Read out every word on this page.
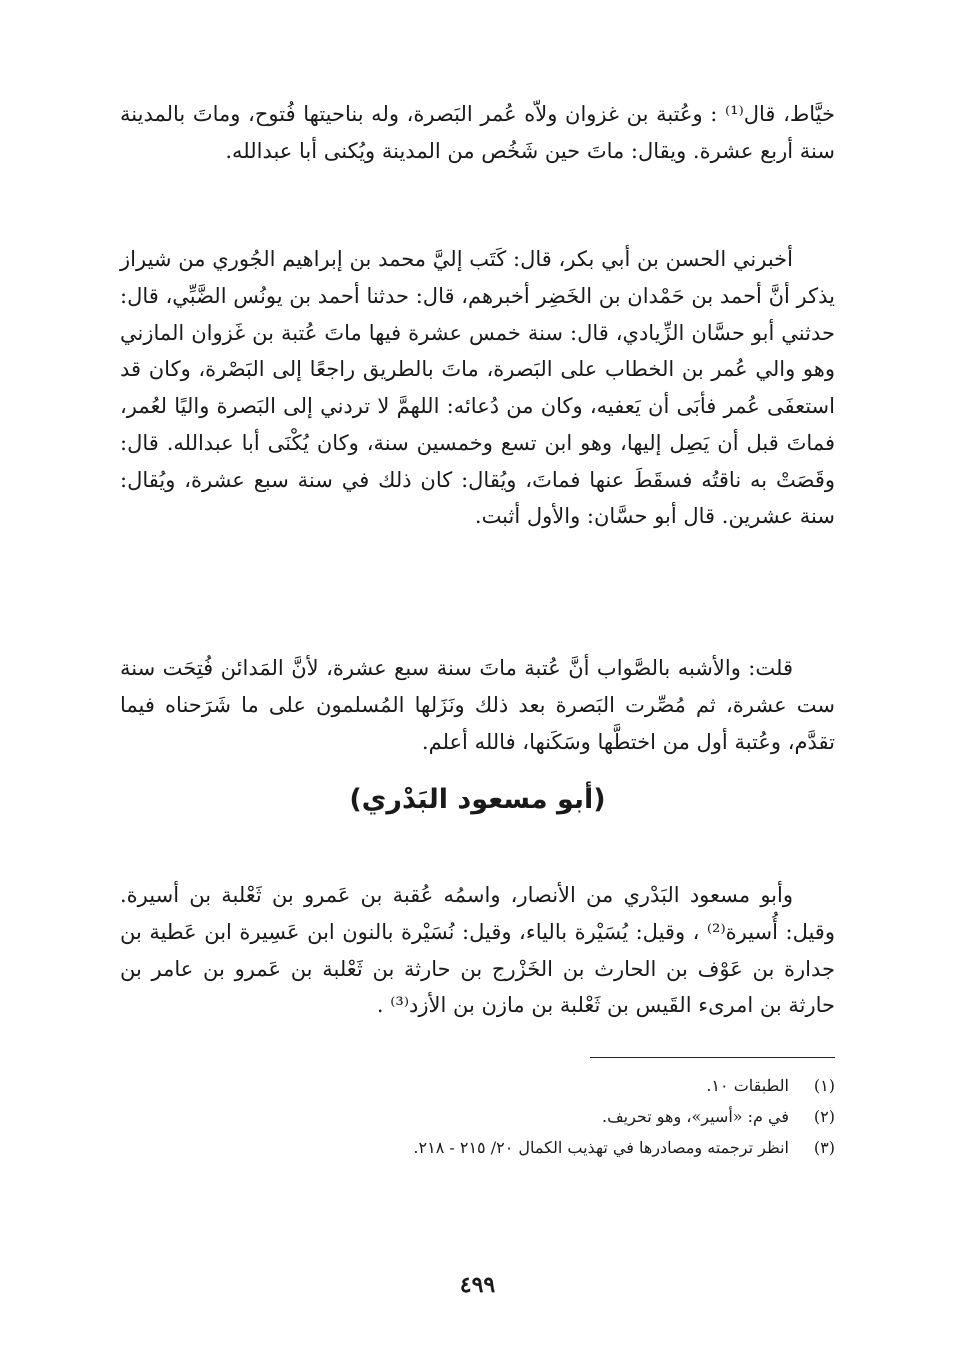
خيَّاط، قال⁽¹⁾ : وعُتبة بن غزوان ولاّه عُمر البَصرة، وله بناحيتها فُتوح، وماتَ بالمدينة سنة أربع عشرة. ويقال: ماتَ حين شَخُص من المدينة ويُكنى أبا عبدالله.

أخبرني الحسن بن أبي بكر، قال: كَتَب إليَّ محمد بن إبراهيم الجُوري من شيراز يذكر أنَّ أحمد بن حَمْدان بن الخَضِر أخبرهم، قال: حدثنا أحمد بن يونُس الضَّبِّي، قال: حدثني أبو حسَّان الزِّيادي، قال: سنة خمس عشرة فيها ماتَ عُتبة بن غَزوان المازني وهو والي عُمر بن الخطاب على البَصرة، ماتَ بالطريق راجعًا إلى البَصْرة، وكان قد استعفَى عُمر فأبَى أن يَعفيه، وكان من دُعائه: اللهمَّ لا تردني إلى البَصرة واليًا لعُمر، فماتَ قبل أن يَصِل إليها، وهو ابن تسع وخمسين سنة، وكان يُكْنَى أبا عبدالله. قال: وقَصَتْ به ناقتُه فسقَطَ عنها فماتَ، ويُقال: كان ذلك في سنة سبع عشرة، ويُقال: سنة عشرين. قال أبو حسَّان: والأول أثبت.

قلت: والأشبه بالصَّواب أنَّ عُتبة ماتَ سنة سبع عشرة، لأنَّ المَدائن فُتِحَت سنة ست عشرة، ثم مُصِّرت البَصرة بعد ذلك ونَزَلها المُسلمون على ما شَرَحناه فيما تقدَّم، وعُتبة أول من اختطَّها وسَكَنها، فالله أعلم.

(أبو مسعود البَدْري)

وأبو مسعود البَدْري من الأنصار، واسمُه عُقبة بن عَمرو بن ثَعْلبة بن أسيرة. وقيل: أُسيرة⁽²⁾ ، وقيل: يُسَيْرة بالياء، وقيل: نُسَيْرة بالنون ابن عَسِيرة ابن عَطية بن جدارة بن عَوْف بن الحارث بن الخَزْرج بن حارثة بن ثَعْلبة بن عَمرو بن عامر بن حارثة بن امرىء القَيس بن ثَعْلبة بن مازن بن الأزد⁽³⁾ .

(١)
الطبقات ١٠.
(٢)
في م: «أسير»، وهو تحريف.
(٣)
انظر ترجمته ومصادرها في تهذيب الكمال ٢٠/ ٢١٥ - ٢١٨.
٤٩٩
